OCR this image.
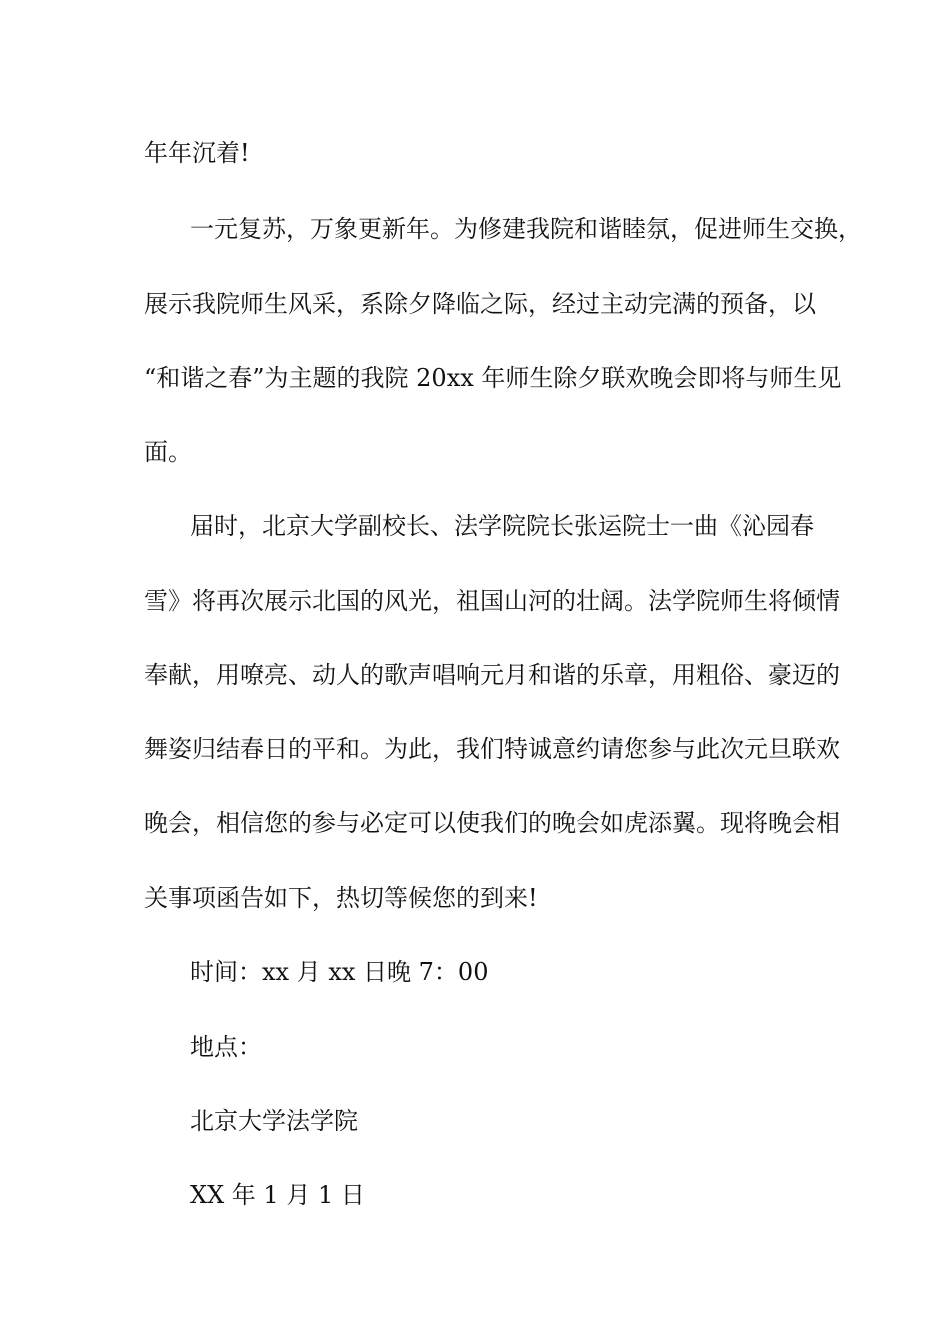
年年沉着!
一元复苏，万象更新年。为修建我院和谐睦氛，促进师生交换，
展示我院师生风采，系除夕降临之际，经过主动完满的预备，以
“和谐之春”为主题的我院 20xx 年师生除夕联欢晚会即将与师生见
面。
届时，北京大学副校长、法学院院长张运院士一曲《沁园春
雪》将再次展示北国的风光，祖国山河的壮阔。法学院师生将倾情
奉献，用嘹亮、动人的歌声唱响元月和谐的乐章，用粗俗、豪迈的
舞姿归结春日的平和。为此，我们特诚意约请您参与此次元旦联欢
晚会，相信您的参与必定可以使我们的晚会如虎添翼。现将晚会相
关事项函告如下，热切等候您的到来!
时间：xx 月 xx 日晚 7：00
地点：
北京大学法学院
XX 年 1 月 1 日
